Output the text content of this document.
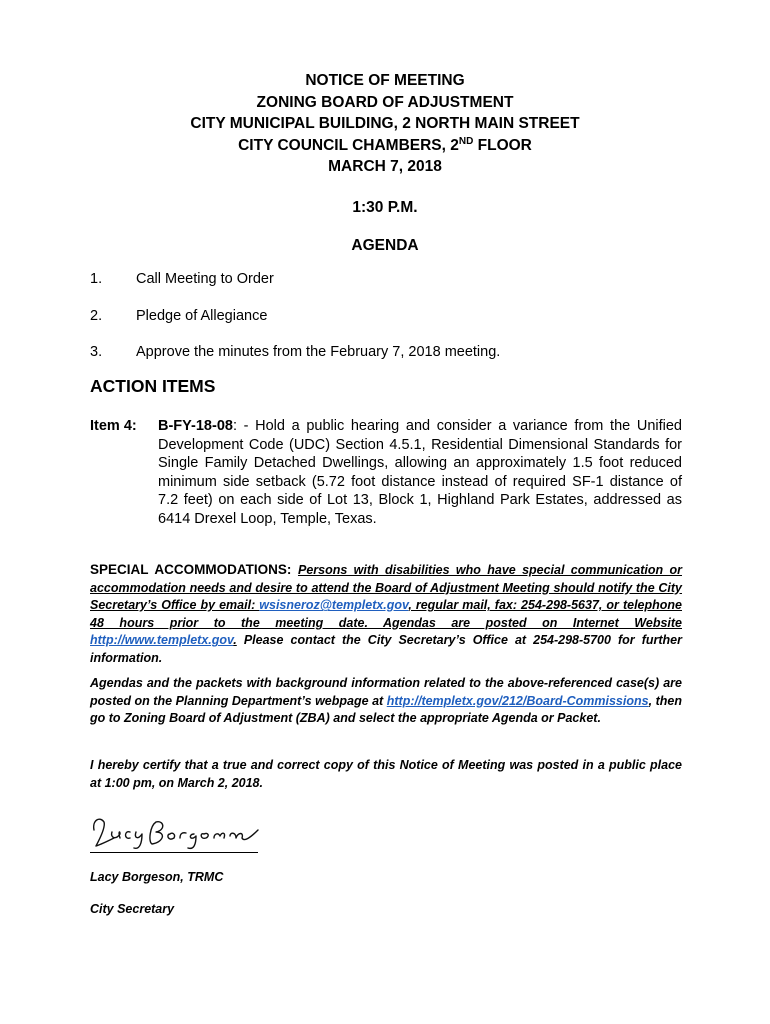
NOTICE OF MEETING
ZONING BOARD OF ADJUSTMENT
CITY MUNICIPAL BUILDING, 2 NORTH MAIN STREET
CITY COUNCIL CHAMBERS, 2ND FLOOR
MARCH 7, 2018
1:30 P.M.
AGENDA
1.	Call Meeting to Order
2.	Pledge of Allegiance
3.	Approve the minutes from the February 7, 2018 meeting.
ACTION ITEMS
Item 4:	B-FY-18-08: - Hold a public hearing and consider a variance from the Unified Development Code (UDC) Section 4.5.1, Residential Dimensional Standards for Single Family Detached Dwellings, allowing an approximately 1.5 foot reduced minimum side setback (5.72 foot distance instead of required SF-1 distance of 7.2 feet) on each side of Lot 13, Block 1, Highland Park Estates, addressed as 6414 Drexel Loop, Temple, Texas.
SPECIAL ACCOMMODATIONS: Persons with disabilities who have special communication or accommodation needs and desire to attend the Board of Adjustment Meeting should notify the City Secretary’s Office by email: wsisneroz@templetx.gov, regular mail, fax: 254-298-5637, or telephone 48 hours prior to the meeting date. Agendas are posted on Internet Website http://www.templetx.gov. Please contact the City Secretary’s Office at 254-298-5700 for further information.
Agendas and the packets with background information related to the above-referenced case(s) are posted on the Planning Department’s webpage at http://templetx.gov/212/Board-Commissions, then go to Zoning Board of Adjustment (ZBA) and select the appropriate Agenda or Packet.
I hereby certify that a true and correct copy of this Notice of Meeting was posted in a public place at 1:00 pm, on March 2, 2018.
Lacy Borgeson, TRMC
City Secretary
